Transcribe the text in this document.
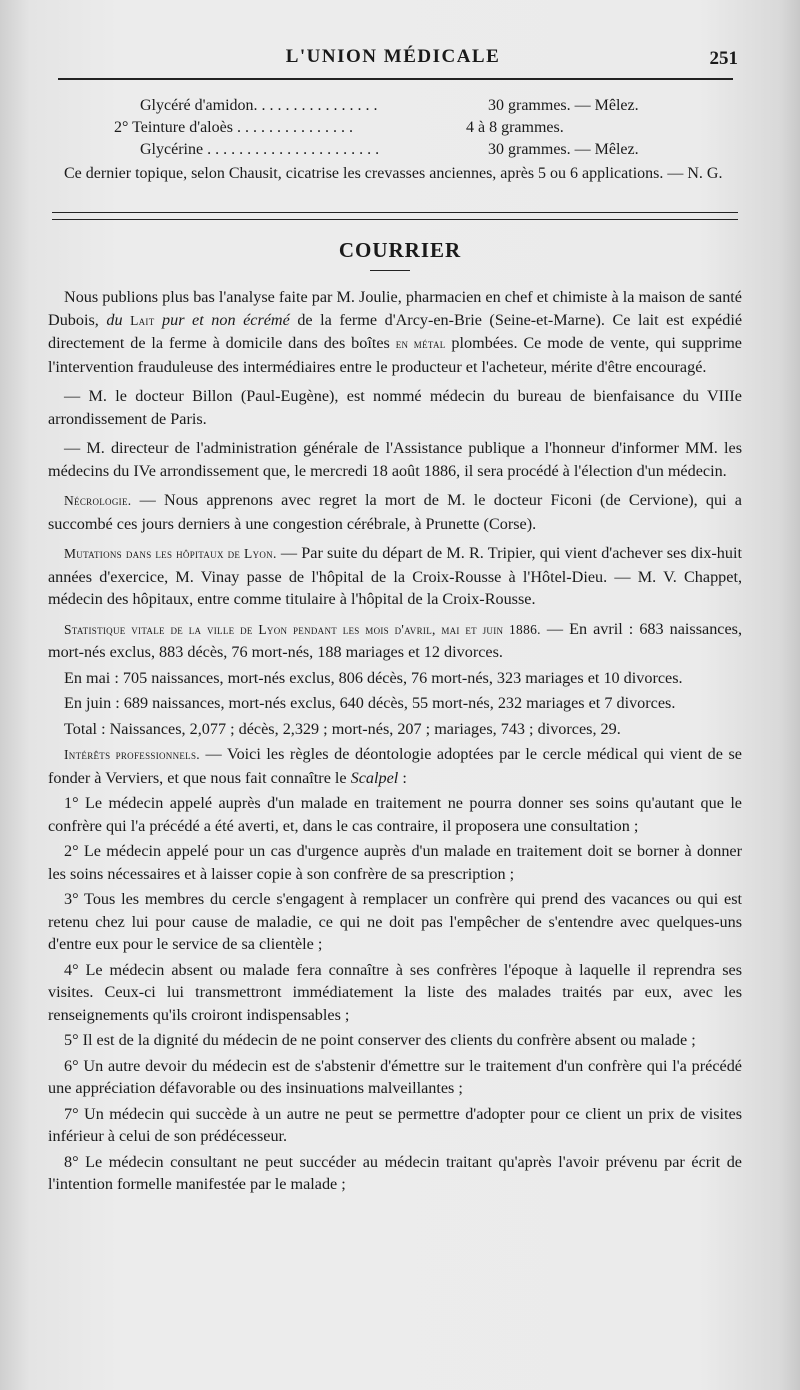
L'UNION MÉDICALE	251
Glycéré d'amidon. . . . . . . . . . . . . . . .	30 grammes. — Mêlez.
2° Teinture d'aloès . . . . . . . . . . . . . . .	4 à 8 grammes.
Glycérine . . . . . . . . . . . . . . . . . . . . . .	30 grammes. — Mêlez.
Ce dernier topique, selon Chausit, cicatrise les crevasses anciennes, après 5 ou 6 applications. — N. G.
COURRIER

Nous publions plus bas l'analyse faite par M. Joulie, pharmacien en chef et chimiste à la maison de santé Dubois, du Lait pur et non écrémé de la ferme d'Arcy-en-Brie (Seine-et-Marne). Ce lait est expédié directement de la ferme à domicile dans des boîtes en métal plombées. Ce mode de vente, qui supprime l'intervention frauduleuse des intermédiaires entre le producteur et l'acheteur, mérite d'être encouragé.

— M. le docteur Billon (Paul-Eugène), est nommé médecin du bureau de bienfaisance du VIIIe arrondissement de Paris.

— M. directeur de l'administration générale de l'Assistance publique a l'honneur d'informer MM. les médecins du IVe arrondissement que, le mercredi 18 août 1886, il sera procédé à l'élection d'un médecin.

Nécrologie. — Nous apprenons avec regret la mort de M. le docteur Ficoni (de Cervione), qui a succombé ces jours derniers à une congestion cérébrale, à Prunette (Corse).

Mutations dans les hôpitaux de Lyon. — Par suite du départ de M. R. Tripier, qui vient d'achever ses dix-huit années d'exercice, M. Vinay passe de l'hôpital de la Croix-Rousse à l'Hôtel-Dieu. — M. V. Chappet, médecin des hôpitaux, entre comme titulaire à l'hôpital de la Croix-Rousse.

Statistique vitale de la ville de Lyon pendant les mois d'avril, mai et juin 1886. — En avril : 683 naissances, mort-nés exclus, 883 décès, 76 mort-nés, 188 mariages et 12 divorces.

En mai : 705 naissances, mort-nés exclus, 806 décès, 76 mort-nés, 323 mariages et 10 divorces.

En juin : 689 naissances, mort-nés exclus, 640 décès, 55 mort-nés, 232 mariages et 7 divorces.

Total : Naissances, 2,077 ; décès, 2,329 ; mort-nés, 207 ; mariages, 743 ; divorces, 29.

Intérêts professionnels. — Voici les règles de déontologie adoptées par le cercle médical qui vient de se fonder à Verviers, et que nous fait connaître le Scalpel :

1° Le médecin appelé auprès d'un malade en traitement ne pourra donner ses soins qu'autant que le confrère qui l'a précédé a été averti, et, dans le cas contraire, il proposera une consultation ;

2° Le médecin appelé pour un cas d'urgence auprès d'un malade en traitement doit se borner à donner les soins nécessaires et à laisser copie à son confrère de sa prescription ;

3° Tous les membres du cercle s'engagent à remplacer un confrère qui prend des vacances ou qui est retenu chez lui pour cause de maladie, ce qui ne doit pas l'empêcher de s'entendre avec quelques-uns d'entre eux pour le service de sa clientèle ;

4° Le médecin absent ou malade fera connaître à ses confrères l'époque à laquelle il reprendra ses visites. Ceux-ci lui transmettront immédiatement la liste des malades traités par eux, avec les renseignements qu'ils croiront indispensables ;

5° Il est de la dignité du médecin de ne point conserver des clients du confrère absent ou malade ;

6° Un autre devoir du médecin est de s'abstenir d'émettre sur le traitement d'un confrère qui l'a précédé une appréciation défavorable ou des insinuations malveillantes ;

7° Un médecin qui succède à un autre ne peut se permettre d'adopter pour ce client un prix de visites inférieur à celui de son prédécesseur.

8° Le médecin consultant ne peut succéder au médecin traitant qu'après l'avoir prévenu par écrit de l'intention formelle manifestée par le malade ;
